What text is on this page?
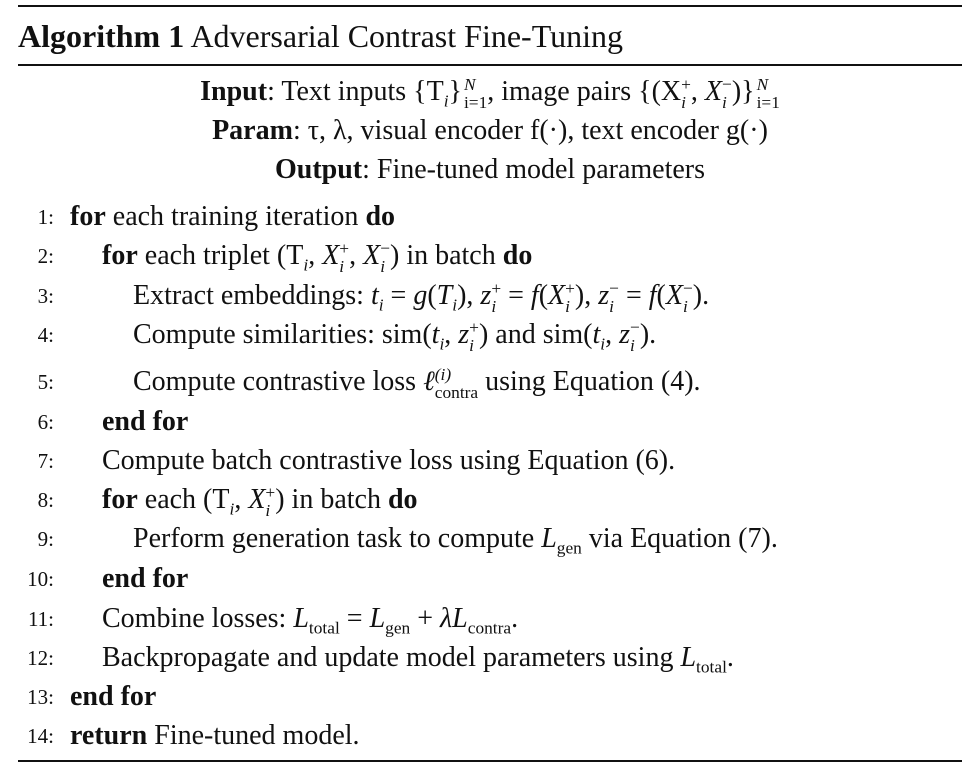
Algorithm 1 Adversarial Contrast Fine-Tuning
Input: Text inputs $\{T_i\}$ N
i=1 , image pairs {(X +
i , X −
i )} N
i=1
Param: τ, λ, visual encoder f(·), text encoder g(·)
Output: Fine-tuned model parameters
1: for each training iteration do
2: for each triplet ($T_i$, X +
i , X −
i ) in batch do
3:	Extract embeddings: $t_i = g(T_i)$, z +
i = f(X +
i ), z −
i = f(X −
i ).
4:	Compute similarities: $sim(t_i$, z +
i ) and $sim(t_i$, z −
i ).
5:	Compute contrastive loss ℓ (i)
contra using Equation (4).
6: end for
7: Compute batch contrastive loss using Equation (6).
8: for each ($T_i$, X +
i ) in batch do
9:	Perform generation task to compute $L_{gen}$ via Equation (7).
10: end for
11: Combine losses: $L_{total} = L_{gen} + \lambda L_{contra}$.
12: Backpropagate and update model parameters using $L_{total}$.
13: end for
14: return Fine-tuned model.
